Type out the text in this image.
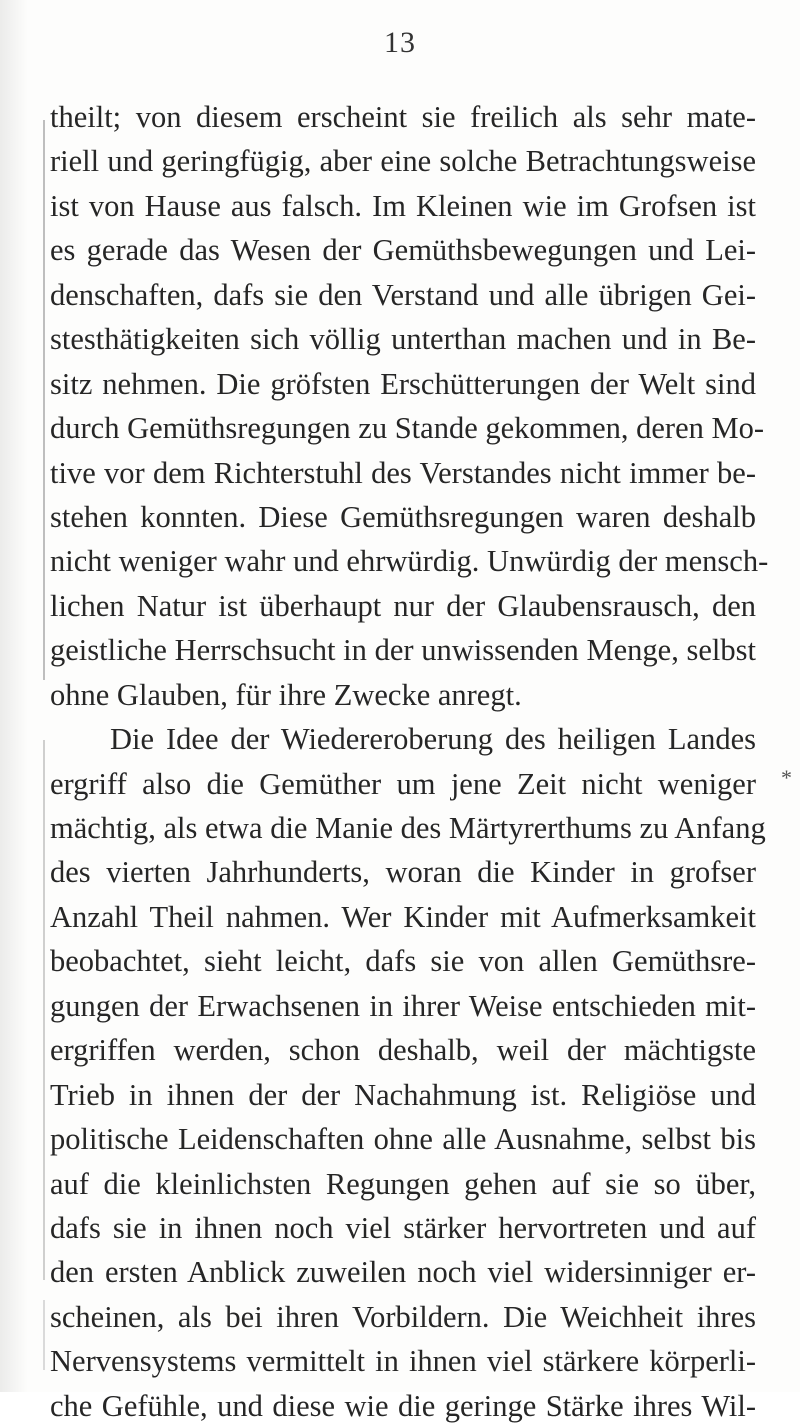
13
theilt; von diesem erscheint sie freilich als sehr mate-
riell und geringfügig, aber eine solche Betrachtungsweise
ist von Hause aus falsch. Im Kleinen wie im Grofsen ist
es gerade das Wesen der Gemüthsbewegungen und Lei-
denschaften, dafs sie den Verstand und alle übrigen Gei-
stesthätigkeiten sich völlig unterthan machen und in Be-
sitz nehmen. Die gröfsten Erschütterungen der Welt sind
durch Gemüthsregungen zu Stande gekommen, deren Mo-
tive vor dem Richterstuhl des Verstandes nicht immer be-
stehen konnten. Diese Gemüthsregungen waren deshalb
nicht weniger wahr und ehrwürdig. Unwürdig der mensch-
lichen Natur ist überhaupt nur der Glaubensrausch, den
geistliche Herrschsucht in der unwissenden Menge, selbst
ohne Glauben, für ihre Zwecke anregt.
Die Idee der Wiedereroberung des heiligen Landes
ergriff also die Gemüther um jene Zeit nicht weniger
mächtig, als etwa die Manie des Märtyrerthums zu Anfang
des vierten Jahrhunderts, woran die Kinder in grofser
Anzahl Theil nahmen. Wer Kinder mit Aufmerksamkeit
beobachtet, sieht leicht, dafs sie von allen Gemüthsre-
gungen der Erwachsenen in ihrer Weise entschieden mit-
ergriffen werden, schon deshalb, weil der mächtigste
Trieb in ihnen der der Nachahmung ist. Religiöse und
politische Leidenschaften ohne alle Ausnahme, selbst bis
auf die kleinlichsten Regungen gehen auf sie so über,
dafs sie in ihnen noch viel stärker hervortreten und auf
den ersten Anblick zuweilen noch viel widersinniger er-
scheinen, als bei ihren Vorbildern. Die Weichheit ihres
Nervensystems vermittelt in ihnen viel stärkere körperli-
che Gefühle, und diese wie die geringe Stärke ihres Wil-
*
